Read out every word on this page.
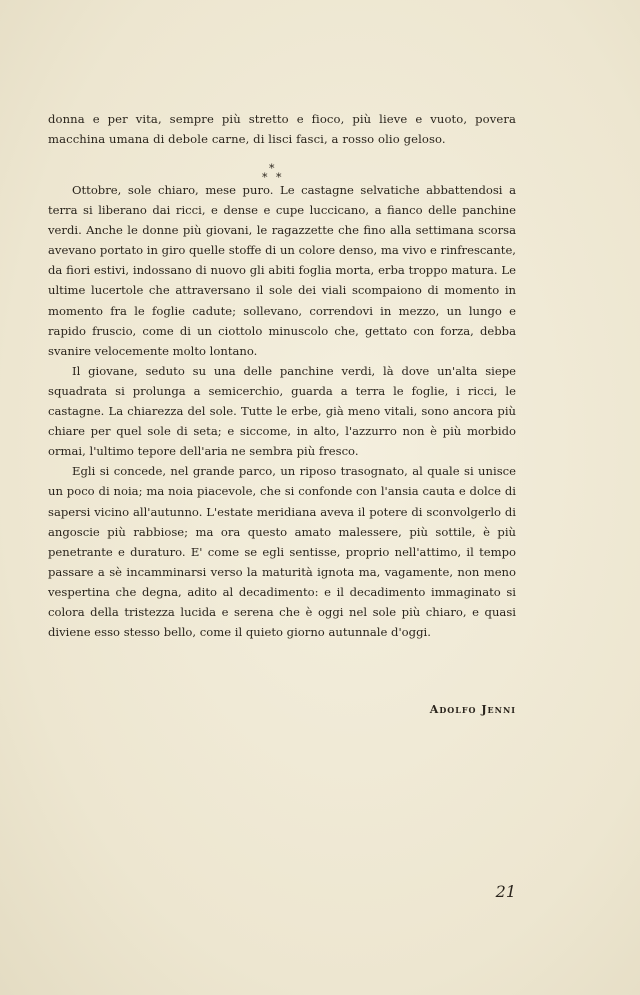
donna e per vita, sempre più stretto e fioco, più lieve e vuoto, povera macchina umana di debole carne, di lisci fasci, a rosso olio geloso.

*
* *

Ottobre, sole chiaro, mese puro. Le castagne selvatiche abbattendosi a terra si liberano dai ricci, e dense e cupe luccicano, a fianco delle panchine verdi. Anche le donne più giovani, le ragazzette che fino alla settimana scorsa avevano portato in giro quelle stoffe di un colore denso, ma vivo e rinfrescante, da fiori estivi, indossano di nuovo gli abiti foglia morta, erba troppo matura. Le ultime lucertole che attraversano il sole dei viali scompaiono di momento in momento fra le foglie cadute; sollevano, correndovi in mezzo, un lungo e rapido fruscio, come di un ciottolo minuscolo che, gettato con forza, debba svanire velocemente molto lontano.

Il giovane, seduto su una delle panchine verdi, là dove un'alta siepe squadrata si prolunga a semicerchio, guarda a terra le foglie, i ricci, le castagne. La chiarezza del sole. Tutte le erbe, già meno vitali, sono ancora più chiare per quel sole di seta; e siccome, in alto, l'azzurro non è più morbido ormai, l'ultimo tepore dell'aria ne sembra più fresco.

Egli si concede, nel grande parco, un riposo trasognato, al quale si unisce un poco di noia; ma noia piacevole, che si confonde con l'ansia cauta e dolce di sapersi vicino all'autunno. L'estate meridiana aveva il potere di sconvolgerlo di angoscie più rabbiose; ma ora questo amato malessere, più sottile, è più penetrante e duraturo. E' come se egli sentisse, proprio nell'attimo, il tempo passare a sè incamminarsi verso la maturità ignota ma, vagamente, non meno vespertina che degna, adito al decadimento: e il decadimento immaginato si colora della tristezza lucida e serena che è oggi nel sole più chiaro, e quasi diviene esso stesso bello, come il quieto giorno autunnale d'oggi.

Adolfo Jenni
21
